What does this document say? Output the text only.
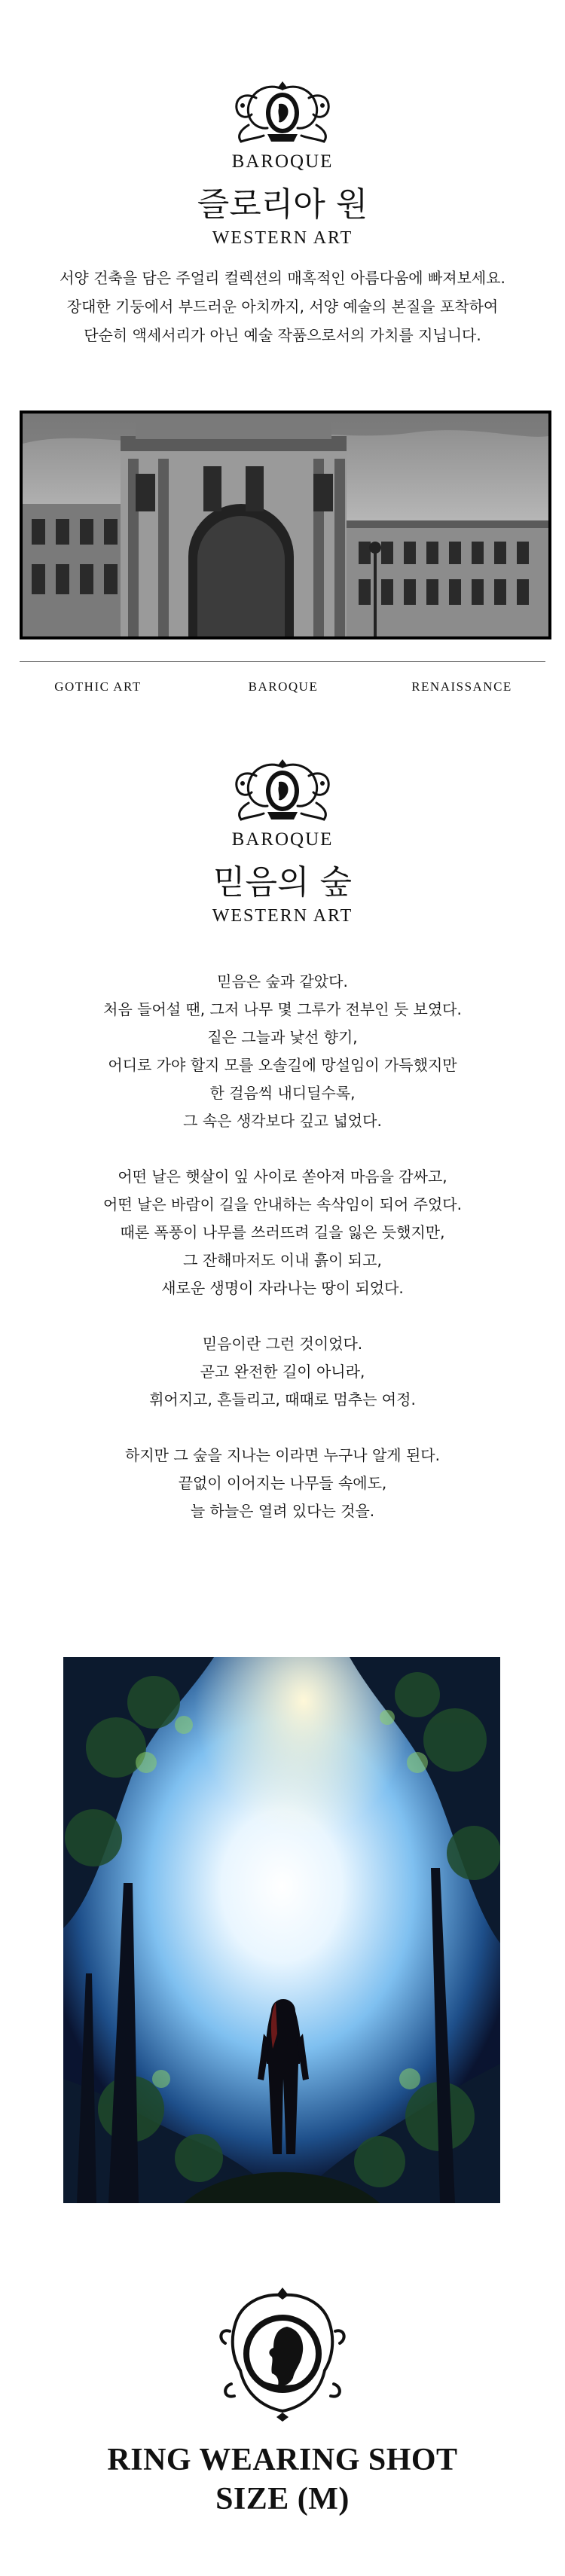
BAROQUE
즐로리아 원
WESTERN ART
서양 건축을 담은 주얼리 컬렉션의 매혹적인 아름다움에 빠져보세요.
장대한 기둥에서 부드러운 아치까지, 서양 예술의 본질을 포착하여
단순히 액세서리가 아닌 예술 작품으로서의 가치를 지닙니다.
GOTHIC ART	BAROQUE	RENAISSANCE
BAROQUE
믿음의 숲
WESTERN ART

믿음은 숲과 같았다.
처음 들어설 땐, 그저 나무 몇 그루가 전부인 듯 보였다.
짙은 그늘과 낯선 향기,
어디로 가야 할지 모를 오솔길에 망설임이 가득했지만
한 걸음씩 내디딜수록,
그 속은 생각보다 깊고 넓었다.

어떤 날은 햇살이 잎 사이로 쏟아져 마음을 감싸고,
어떤 날은 바람이 길을 안내하는 속삭임이 되어 주었다.
때론 폭풍이 나무를 쓰러뜨려 길을 잃은 듯했지만,
그 잔해마저도 이내 흙이 되고,
새로운 생명이 자라나는 땅이 되었다.

믿음이란 그런 것이었다.
곧고 완전한 길이 아니라,
휘어지고, 흔들리고, 때때로 멈추는 여정.

하지만 그 숲을 지나는 이라면 누구나 알게 된다.
끝없이 이어지는 나무들 속에도,
늘 하늘은 열려 있다는 것을.

RING WEARING SHOT
SIZE (M)
